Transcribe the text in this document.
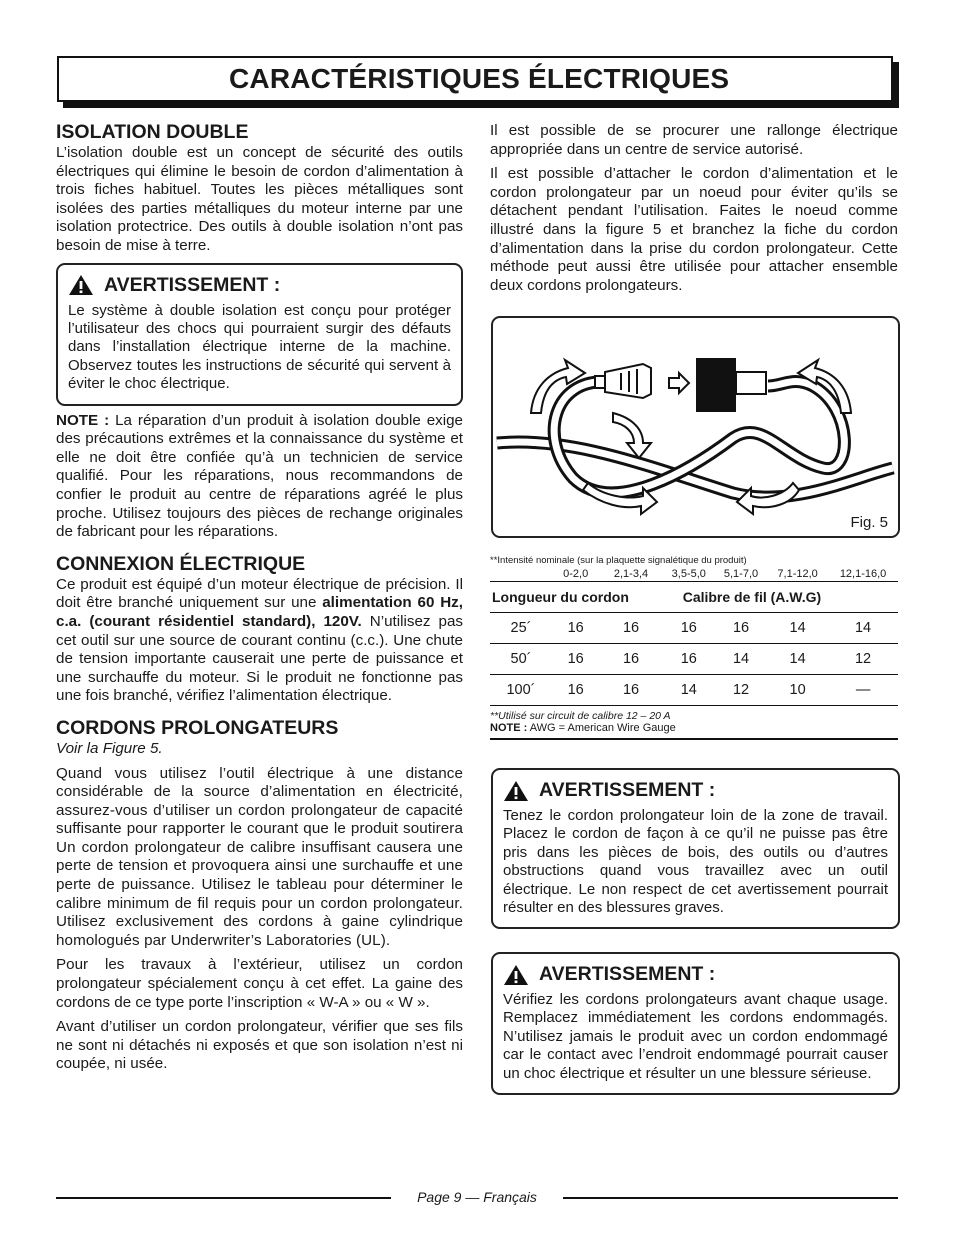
CARACTÉRISTIQUES ÉLECTRIQUES
ISOLATION DOUBLE

L’isolation double est un concept de sécurité des outils électriques qui élimine le besoin de cordon d’alimentation à trois fiches habituel. Toutes les pièces métalliques sont isolées des parties métalliques du moteur interne par une isolation protectrice. Des outils à double isolation n’ont pas besoin de mise à terre.

AVERTISSEMENT :

Le système à double isolation est conçu pour protéger l’utilisateur des chocs qui pourraient surgir des défauts dans l’installation électrique interne de la machine. Observez toutes les instructions de sécurité qui servent à éviter le choc électrique.

NOTE : La réparation d’un produit à isolation double exige des précautions extrêmes et la connaissance du système et elle ne doit être confiée qu’à un technicien de service qualifié. Pour les réparations, nous recommandons de confier le produit au centre de réparations agréé le plus proche. Utilisez toujours des pièces de rechange originales de fabricant pour les réparations.

CONNEXION ÉLECTRIQUE

Ce produit est équipé d’un moteur électrique de précision. Il doit être branché uniquement sur une alimentation 60 Hz, c.a. (courant résidentiel standard), 120V. N’utilisez pas cet outil sur une source de courant continu (c.c.). Une chute de tension importante causerait une perte de puissance et une surchauffe du moteur. Si le produit ne fonctionne pas une fois branché, vérifiez l’alimentation électrique.

CORDONS PROLONGATEURS

Voir la Figure 5.

Quand vous utilisez l’outil électrique à une distance considérable de la source d’alimentation en électricité, assurez-vous d’utiliser un cordon prolongateur de capacité suffisante pour rapporter le courant que le produit soutirera Un cordon prolongateur de calibre insuffisant causera une perte de tension et provoquera ainsi une surchauffe et une perte de puissance. Utilisez le tableau pour déterminer le calibre minimum de fil requis pour un cordon prolongateur. Utilisez exclusivement des cordons à gaine cylindrique homologués par Underwriter’s Laboratories (UL).

Pour les travaux à l’extérieur, utilisez un cordon prolongateur spécialement conçu à cet effet. La gaine des cordons de ce type porte l’inscription « W-A » ou « W ».

Avant d’utiliser un cordon prolongateur, vérifier que ses fils ne sont ni détachés ni exposés et que son isolation n’est ni coupée, ni usée.

Il est possible de se procurer une rallonge électrique appropriée dans un centre de service autorisé.

Il est possible d’attacher le cordon d’alimentation et le cordon prolongateur par un noeud pour éviter qu’ils se détachent pendant l’utilisation. Faites le noeud comme illustré dans la figure 5 et branchez la fiche du cordon d’alimentation dans la prise du cordon prolongateur. Cette méthode peut aussi être utilisée pour attacher ensemble deux cordons prolongateurs.

Fig. 5
**Intensité nominale (sur la plaquette signalétique du produit)
	0-2,0	2,1-3,4	3,5-5,0	5,1-7,0	7,1-12,0	12,1-16,0
Longueur du cordon			Calibre de fil (A.W.G)			
25´	16	16	16	16	14	14
50´	16	16	16	14	14	12
100´	16	16	14	12	10	—
**Utilisé sur circuit de calibre 12 – 20 A
NOTE : AWG = American Wire Gauge
AVERTISSEMENT :

Tenez le cordon prolongateur loin de la zone de travail. Placez le cordon de façon à ce qu’il ne puisse pas être pris dans les pièces de bois, des outils ou d’autres obstructions quand vous travaillez avec un outil électrique. Le non respect de cet avertissement pourrait résulter en des blessures graves.

AVERTISSEMENT :

Vérifiez les cordons prolongateurs avant chaque usage. Remplacez immédiatement les cordons endommagés. N’utilisez jamais le produit avec un cordon endommagé car le contact avec l’endroit endommagé pourrait causer un choc électrique et résulter un une blessure sérieuse.

Page 9 — Français
